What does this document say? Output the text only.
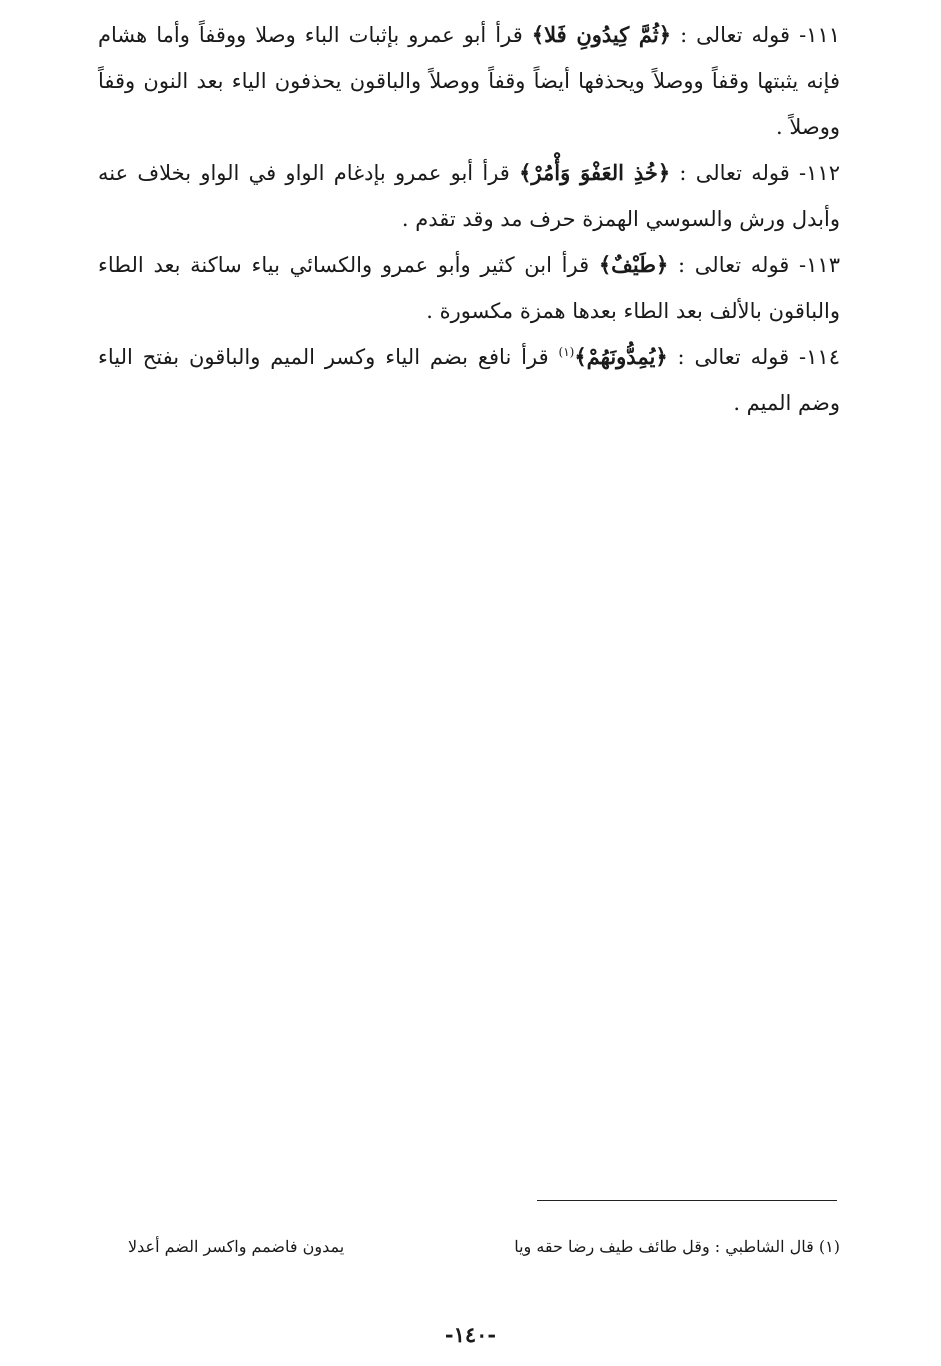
١١١- قوله تعالى : ﴿ثُمَّ كِيدُونِ فَلا﴾ قرأ أبو عمرو بإثبات الباء وصلا ووقفاً وأما هشام فإنه يثبتها وقفاً ووصلاً ويحذفها أيضاً وقفاً ووصلاً والباقون يحذفون الياء بعد النون وقفاً ووصلاً .

١١٢- قوله تعالى : ﴿خُذِ العَفْوَ وَأْمُرْ﴾ قرأ أبو عمرو بإدغام الواو في الواو بخلاف عنه وأبدل ورش والسوسي الهمزة حرف مد وقد تقدم .

١١٣- قوله تعالى : ﴿طَيْفٌ﴾ قرأ ابن كثير وأبو عمرو والكسائي بياء ساكنة بعد الطاء والباقون بالألف بعد الطاء بعدها همزة مكسورة .

١١٤- قوله تعالى : ﴿يُمِدُّونَهُمْ﴾$^{(١)}$ قرأ نافع بضم الياء وكسر الميم والباقون بفتح الياء وضم الميم .

(١) قال الشاطبي : وقل طائف طيف رضا حقه ويا
يمدون فاضمم واكسر الضم أعدلا
-١٤٠-
